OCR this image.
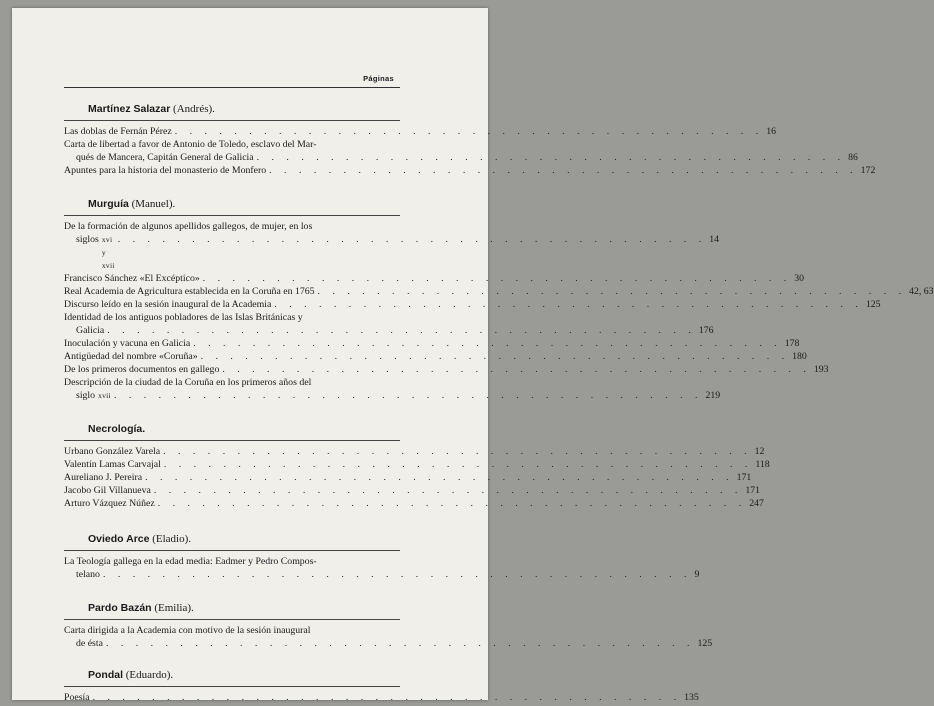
Páginas
Martínez Salazar (Andrés).
Las doblas de Fernán Pérez . . . . . . . . . . . . . . . . . . . . . . . . . . . . . . . . . . . . . . . . 16
Carta de libertad a favor de Antonio de Toledo, esclavo del Mar-
qués de Mancera, Capitán General de Galicia . . . . . . . . . . . . . . . . . . . . . . . . . . . . . . . . . . . . . . . . 86
Apuntes para la historia del monasterio de Monfero . . . . . . . . . . . . . . . . . . . . . . . . . . . . . . . . . . . . . . . . 172
Murguía (Manuel).
De la formación de algunos apellidos gallegos, de mujer, en los
siglos xvi y xvii
. . . . . . . . . . . . . . . . . . . . . . . . . . . . . . . . . . . . . . . . 14
Francisco Sánchez «El Excéptico» . . . . . . . . . . . . . . . . . . . . . . . . . . . . . . . . . . . . . . . . 30
Real Academia de Agricultura establecida en la Coruña en 1765 . . . . . . . . . . . . . . . . . . . . . . . . . . . . . . . . . . . . . . . . 42, 63
Discurso leído en la sesión inaugural de la Academia . . . . . . . . . . . . . . . . . . . . . . . . . . . . . . . . . . . . . . . . 125
Identidad de los antiguos pobladores de las Islas Británicas y
Galicia . . . . . . . . . . . . . . . . . . . . . . . . . . . . . . . . . . . . . . . . 176
Inoculación y vacuna en Galicia . . . . . . . . . . . . . . . . . . . . . . . . . . . . . . . . . . . . . . . . 178
Antigüedad del nombre «Coruña» . . . . . . . . . . . . . . . . . . . . . . . . . . . . . . . . . . . . . . . . 180
De los primeros documentos en gallego . . . . . . . . . . . . . . . . . . . . . . . . . . . . . . . . . . . . . . . . 193
Descripción de la ciudad de la Coruña en los primeros años del
siglo xvii . . . . . . . . . . . . . . . . . . . . . . . . . . . . . . . . . . . . . . . . 219
Necrología.
Urbano González Varela . . . . . . . . . . . . . . . . . . . . . . . . . . . . . . . . . . . . . . . . 12
Valentín Lamas Carvajal . . . . . . . . . . . . . . . . . . . . . . . . . . . . . . . . . . . . . . . . 118
Aureliano J. Pereira . . . . . . . . . . . . . . . . . . . . . . . . . . . . . . . . . . . . . . . . 171
Jacobo Gil Villanueva . . . . . . . . . . . . . . . . . . . . . . . . . . . . . . . . . . . . . . . . 171
Arturo Vázquez Núñez . . . . . . . . . . . . . . . . . . . . . . . . . . . . . . . . . . . . . . . . 247
Oviedo Arce (Eladio).
La Teología gallega en la edad media: Eadmer y Pedro Compos-
telano . . . . . . . . . . . . . . . . . . . . . . . . . . . . . . . . . . . . . . . . 9
Pardo Bazán (Emilia).
Carta dirigida a la Academia con motivo de la sesión inaugural
de ésta . . . . . . . . . . . . . . . . . . . . . . . . . . . . . . . . . . . . . . . . 125
Pondal (Eduardo).
Poesía . . . . . . . . . . . . . . . . . . . . . . . . . . . . . . . . . . . . . . . . 135
